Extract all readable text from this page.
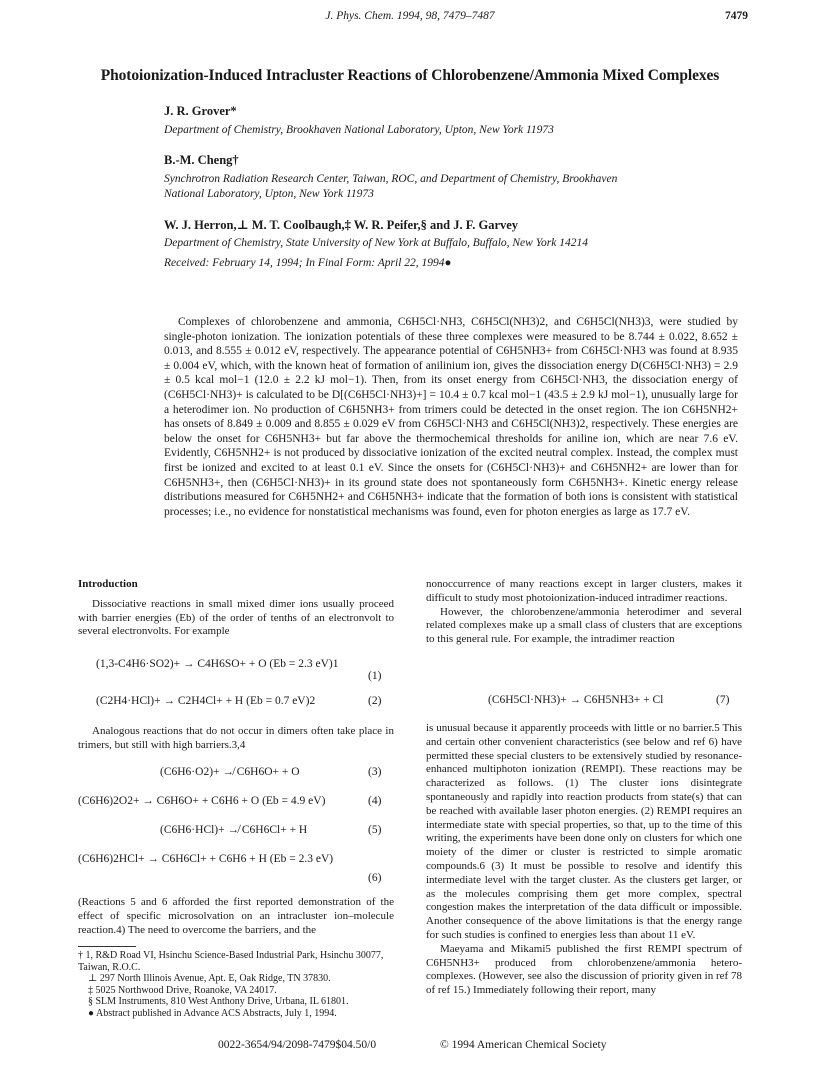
J. Phys. Chem. 1994, 98, 7479–7487	7479
Photoionization-Induced Intracluster Reactions of Chlorobenzene/Ammonia Mixed Complexes
J. R. Grover*
Department of Chemistry, Brookhaven National Laboratory, Upton, New York 11973
B.-M. Cheng†
Synchrotron Radiation Research Center, Taiwan, ROC, and Department of Chemistry, Brookhaven National Laboratory, Upton, New York 11973
W. J. Herron,⊥ M. T. Coolbaugh,‡ W. R. Peifer,§ and J. F. Garvey
Department of Chemistry, State University of New York at Buffalo, Buffalo, New York 14214
Received: February 14, 1994; In Final Form: April 22, 1994●

Complexes of chlorobenzene and ammonia, C6H5Cl·NH3, C6H5Cl(NH3)2, and C6H5Cl(NH3)3, were studied by single-photon ionization. The ionization potentials of these three complexes were measured to be 8.744 ± 0.022, 8.652 ± 0.013, and 8.555 ± 0.012 eV, respectively. The appearance potential of C6H5NH3+ from C6H5Cl·NH3 was found at 8.935 ± 0.004 eV, which, with the known heat of formation of anilinium ion, gives the dissociation energy D(C6H5Cl·NH3) = 2.9 ± 0.5 kcal mol−1 (12.0 ± 2.2 kJ mol−1). Then, from its onset energy from C6H5Cl·NH3, the dissociation energy of (C6H5Cl·NH3)+ is calculated to be D[(C6H5Cl·NH3)+] = 10.4 ± 0.7 kcal mol−1 (43.5 ± 2.9 kJ mol−1), unusually large for a heterodimer ion. No production of C6H5NH3+ from trimers could be detected in the onset region. The ion C6H5NH2+ has onsets of 8.849 ± 0.009 and 8.855 ± 0.029 eV from C6H5Cl·NH3 and C6H5Cl(NH3)2, respectively. These energies are below the onset for C6H5NH3+ but far above the thermochemical thresholds for aniline ion, which are near 7.6 eV. Evidently, C6H5NH2+ is not produced by dissociative ionization of the excited neutral complex. Instead, the complex must first be ionized and excited to at least 0.1 eV. Since the onsets for (C6H5Cl·NH3)+ and C6H5NH2+ are lower than for C6H5NH3+, then (C6H5Cl·NH3)+ in its ground state does not spontaneously form C6H5NH3+. Kinetic energy release distributions measured for C6H5NH2+ and C6H5NH3+ indicate that the formation of both ions is consistent with statistical processes; i.e., no evidence for nonstatistical mechanisms was found, even for photon energies as large as 17.7 eV.

Introduction

Dissociative reactions in small mixed dimer ions usually proceed with barrier energies (Eb) of the order of tenths of an electronvolt to several electronvolts. For example

(1,3-C4H6·SO2)+ → C4H6SO+ + O (Eb = 2.3 eV)1
(1)
(C2H4·HCl)+ → C2H4Cl+ + H (Eb = 0.7 eV)2	(2)

Analogous reactions that do not occur in dimers often take place in trimers, but still with high barriers.3,4

(C6H6·O2)+ ↛ C6H6O+ + O	(3)
(C6H6)2O2+ → C6H6O+ + C6H6 + O (Eb = 4.9 eV)	(4)
(C6H6·HCl)+ ↛ C6H6Cl+ + H	(5)
(C6H6)2HCl+ → C6H6Cl+ + C6H6 + H (Eb = 2.3 eV)
(6)

(Reactions 5 and 6 afforded the first reported demonstration of the effect of specific microsolvation on an intracluster ion–molecule reaction.4) The need to overcome the barriers, and the

† 1, R&D Road VI, Hsinchu Science-Based Industrial Park, Hsinchu 30077, Taiwan, R.O.C.
⊥ 297 North Illinois Avenue, Apt. E, Oak Ridge, TN 37830.
‡ 5025 Northwood Drive, Roanoke, VA 24017.
§ SLM Instruments, 810 West Anthony Drive, Urbana, IL 61801.
● Abstract published in Advance ACS Abstracts, July 1, 1994.

nonoccurrence of many reactions except in larger clusters, makes it difficult to study most photoionization-induced intradimer reactions.

However, the chlorobenzene/ammonia heterodimer and several related complexes make up a small class of clusters that are exceptions to this general rule. For example, the intradimer reaction

(C6H5Cl·NH3)+ → C6H5NH3+ + Cl	(7)

is unusual because it apparently proceeds with little or no barrier.5 This and certain other convenient characteristics (see below and ref 6) have permitted these special clusters to be extensively studied by resonance-enhanced multiphoton ionization (REMPI). These reactions may be characterized as follows. (1) The cluster ions disintegrate spontaneously and rapidly into reaction products from state(s) that can be reached with available laser photon energies. (2) REMPI requires an intermediate state with special properties, so that, up to the time of this writing, the experiments have been done only on clusters for which one moiety of the dimer or cluster is restricted to simple aromatic compounds.6 (3) It must be possible to resolve and identify this intermediate level with the target cluster. As the clusters get larger, or as the molecules comprising them get more complex, spectral congestion makes the interpretation of the data difficult or impossible. Another consequence of the above limitations is that the energy range for such studies is confined to energies less than about 11 eV.

Maeyama and Mikami5 published the first REMPI spectrum of C6H5NH3+ produced from chlorobenzene/ammonia hetero-complexes. (However, see also the discussion of priority given in ref 78 of ref 15.) Immediately following their report, many

0022-3654/94/2098-7479$04.50/0	© 1994 American Chemical Society
